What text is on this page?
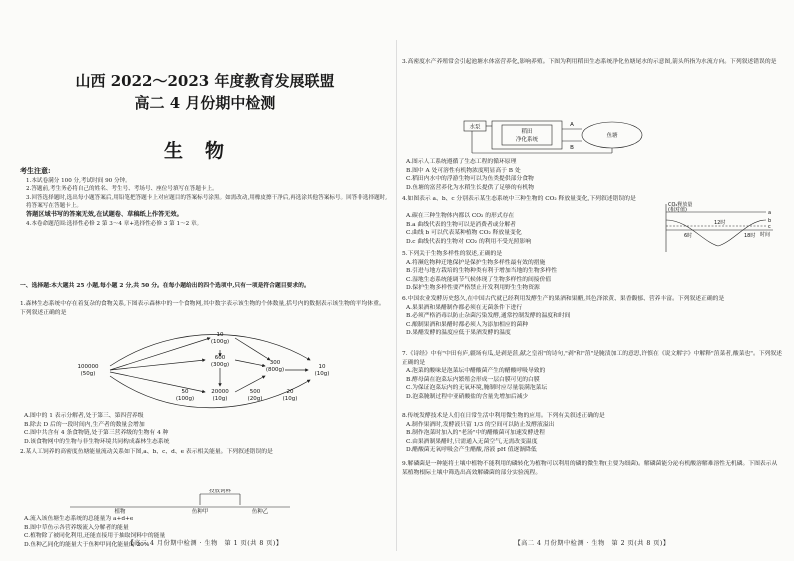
山西 2022～2023 年度教育发展联盟
高二 4 月份期中检测
生物
考生注意:

1.本试卷满分 100 分,考试时间 90 分钟。

2.答题前,考生务必将自己的姓名、考生号、考场号、座位号填写在答题卡上。

3.回答选择题时,选出每小题答案后,用铅笔把答题卡上对应题目的答案标号涂黑。如需改动,用橡皮擦干净后,再选涂其他答案标号。回答非选择题时,将答案写在答题卡上。

答题区域书写的答案无效,在试题卷、草稿纸上作答无效。

4.本卷命题范围:选择性必修 2 第 3～4 章+选择性必修 3 第 1～2 章。

一、选择题:本大题共 25 小题,每小题 2 分,共 50 分。在每小题给出的四个选项中,只有一项是符合题目要求的。

1.森林生态系统中存在着复杂的食物关系,下图表示森林中的一个食物网,其中数字表示该生物的个体数量,括号内的数据表示该生物的平均体重。下列叙述正确的是

100000
(50g)
10
(100g)
600
(300g)	300
(800g)
20000
(10g)
500
(20g)
50
(100g)
20
(10g)
10
(10g)

A.图中的 1 表示分解者,处于第三、第四营养级

B.除去 D 后的一段时间内,生产者的数量会增加

C.图中共含有 4 条食物链,处于第三营养级的生物有 4 种

D.该食物网中的生物与非生物环境共同构成森林生态系统

2.某人工饲养的高密度鱼塘能量流动关系如下图,a、b、c、d、e 表示相关能量。下列叙述错误的是

投放饲料
植物	鱼种甲	鱼种乙

A.流入该鱼塘生态系统的总能量为 a+d+e

B.图中草鱼示各营养级流入分解者的能量

C.植物除了被同化利用,还能直接用于抽取饲料中的能量

D.鱼种乙同化的能量大于鱼种甲同化能量的 20%

【高二 4 月份期中检测 · 生物　第 1 页(共 8 页)】

3.高密度水产养殖常会引起池塘水体富营养化,影响养殖。下图为利用稻田生态系统净化鱼塘尾水的示意图,箭头所指为水流方向。下列叙述错误的是

水泵
稻田
净化系统
鱼塘
A
B

A.图示人工系统遵循了生态工程的循环原理

B.图中 A 处可溶性有机物浓度明显高于 B 处

C.稻田内水中的浮游生物可以为鱼类提供部分食物

D.鱼塘的富营养化为水稻生长提供了足够的有机物

4.如图表示 a、b、c 分别表示某生态系统中三种生物的 CO₂ 释放量变化,下列叙述错误的是

CO₂释放量
(相对值)
6时
12时
18时 时间
a
b
c

A.碳在三种生物体内都以 CO₂ 的形式存在

B.a 曲线代表的生物可以是消费者或分解者

C.曲线 b 可以代表某种植物 CO₂ 释放量变化

D.c 曲线代表的生物对 CO₂ 的利用不受光照影响

5.下列关于生物多样性的叙述,正确的是

A.将濒危物种迁地保护是保护生物多样性最有效的措施

B.引进与地方栽培的生物种类有利于增加当地的生物多样性

C.湿地生态系统能调节气候体现了生物多样性的间接价值

D.保护生物多样性要严格禁止开发利用野生生物资源

6.中国农业发酵历史悠久,在中国古代就已经利用发酵生产的果酒和果醋,其色泽浓黄、果香馥郁、营养丰富。下列叙述正确的是

A.果果酒和果醋制作都必须在无菌条件下进行

B.必须严格消毒以防止杂菌污染发酵,通常控制发酵的温度和时间

C.酿制果酒和果醋时都必须人为添加相应的菌种

D.果醋发酵的温度应低于果酒发酵的温度

7.《诗经》中有"中田有庐,疆场有瓜,是剥是菹,献之皇祖"的诗句,"剥"和"菹"是腌渍加工的意思,许慎在《说文解字》中解释"菹菜者,酸菜也"。下列叙述正确的是

A.泡菜的酸味是泡菜坛中醋酸菌产生的醋酸呼吸导致的

B.酵母菌在泡菜坛内繁殖会形成一层白膜可见的白膜

C.为保证泡菜坛内的无氧环境,腌制时应尽量装满泡菜坛

D.泡菜腌制过程中亚硝酸盐的含量先增加后减少

8.传统发酵技术是人们在日常生活中利用微生物的应用。下列有关叙述正确的是

A.制作果酒时,发酵液只留 1/3 的空间可以防止发酵液溢出

B.制作泡菜时加入的"老汤"中的醋酸菌可加速发酵进程

C.由果酒制果醋时,只需通入无菌空气,无需改变温度

D.醋酸菌无氧呼吸会产生醋酸,溶液 pH 值逐渐降低

9.解磷菌是一种能将土壤中植物不能利用的磷转化为植物可以利用的磷的微生物(主要为细菌)。解磷菌能分泌有机酸溶解难溶性无机磷。下图表示从某植物根际土壤中筛选出高效解磷菌的部分实验流程。

【高二 4 月份期中检测 · 生物　第 2 页(共 8 页)】
